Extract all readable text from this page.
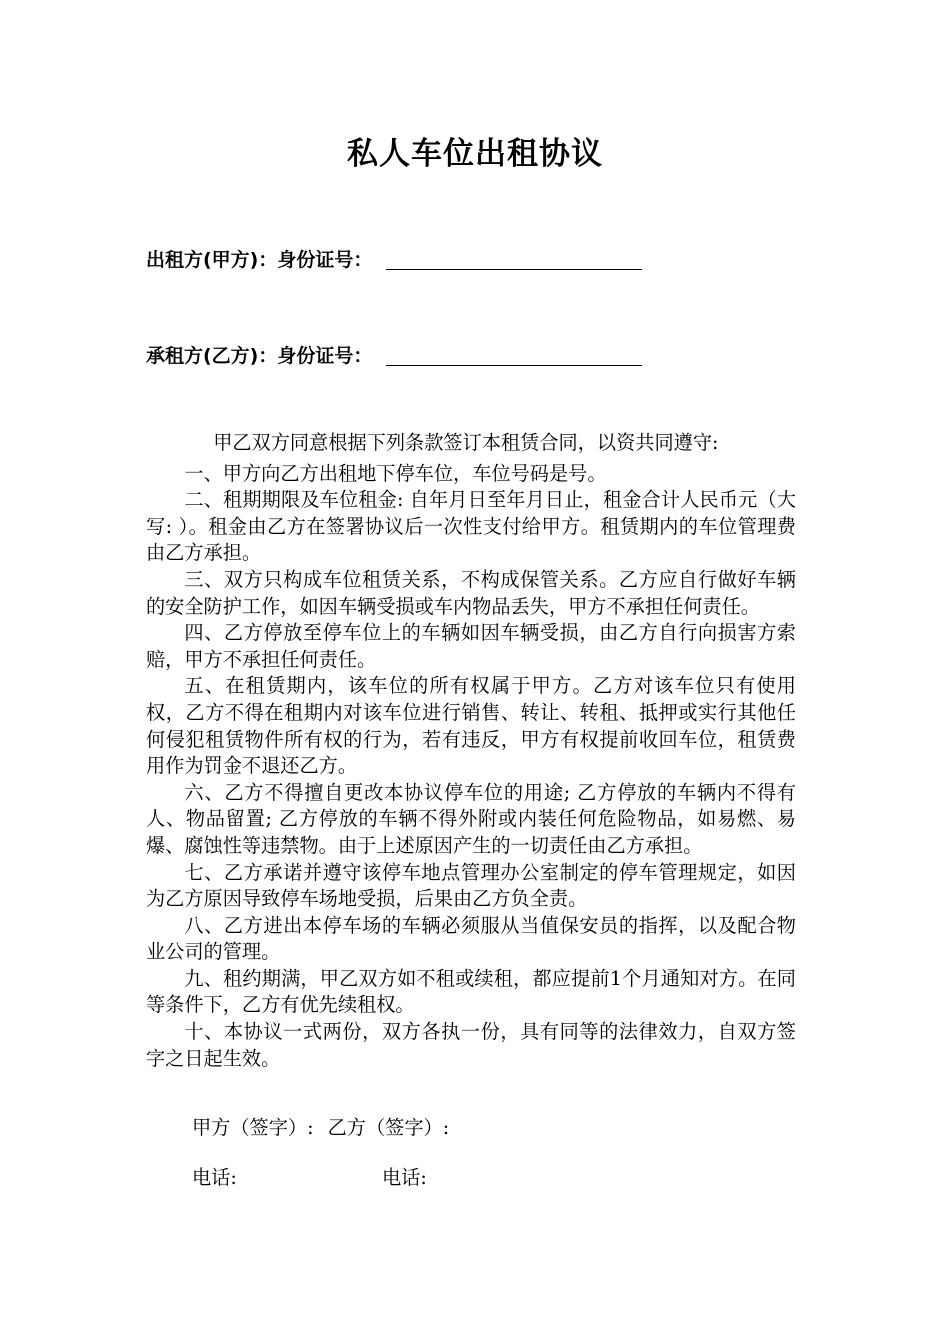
私人车位出租协议
出租方(甲方)：身份证号：
承租方(乙方)：身份证号：

甲乙双方同意根据下列条款签订本租赁合同，以资共同遵守:

一、甲方向乙方出租地下停车位，车位号码是号。

二、租期期限及车位租金: 自年月日至年月日止，租金合计人民币元（大写: ）。租金由乙方在签署协议后一次性支付给甲方。租赁期内的车位管理费由乙方承担。

三、双方只构成车位租赁关系，不构成保管关系。乙方应自行做好车辆的安全防护工作，如因车辆受损或车内物品丢失，甲方不承担任何责任。

四、乙方停放至停车位上的车辆如因车辆受损，由乙方自行向损害方索赔，甲方不承担任何责任。

五、在租赁期内，该车位的所有权属于甲方。乙方对该车位只有使用权，乙方不得在租期内对该车位进行销售、转让、转租、抵押或实行其他任何侵犯租赁物件所有权的行为，若有违反，甲方有权提前收回车位，租赁费用作为罚金不退还乙方。

六、乙方不得擅自更改本协议停车位的用途; 乙方停放的车辆内不得有人、物品留置; 乙方停放的车辆不得外附或内装任何危险物品，如易燃、易爆、腐蚀性等违禁物。由于上述原因产生的一切责任由乙方承担。

七、乙方承诺并遵守该停车地点管理办公室制定的停车管理规定，如因为乙方原因导致停车场地受损，后果由乙方负全责。

八、乙方进出本停车场的车辆必须服从当值保安员的指挥，以及配合物业公司的管理。

九、租约期满，甲乙双方如不租或续租，都应提前1个月通知对方。在同等条件下，乙方有优先续租权。

十、本协议一式两份，双方各执一份，具有同等的法律效力，自双方签字之日起生效。

甲方（签字）: 乙方（签字）:
电话:	电话:
